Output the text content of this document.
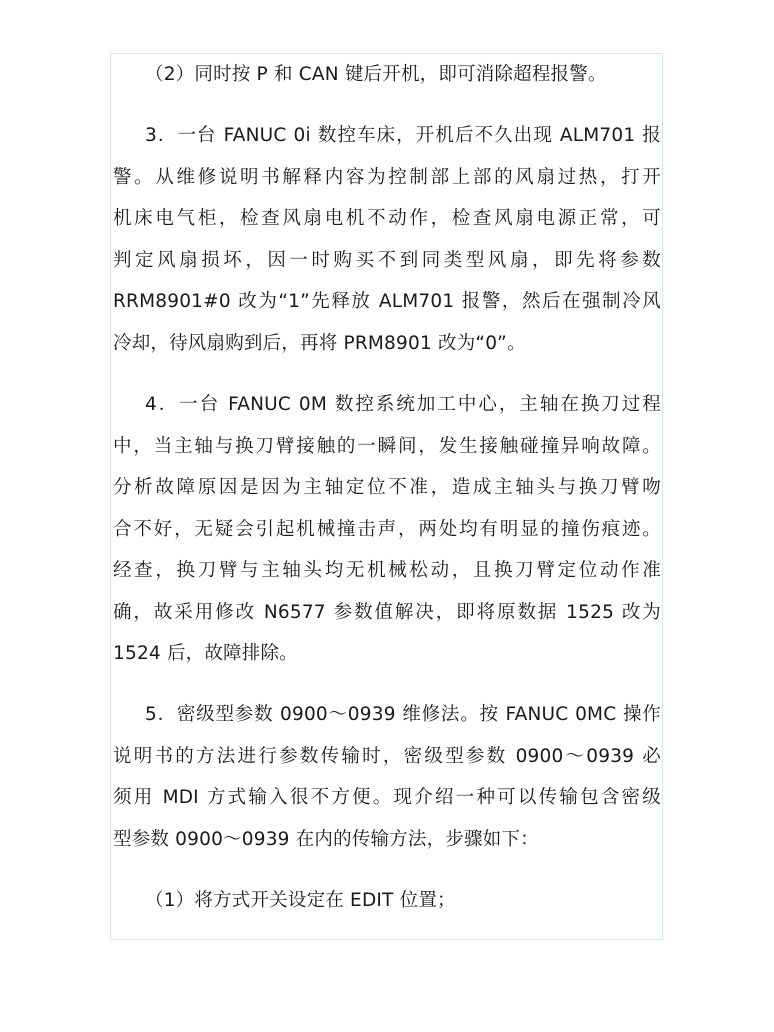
（2）同时按 P 和 CAN 键后开机，即可消除超程报警。
3．一台 FANUC 0i 数控车床，开机后不久出现 ALM701 报
警。从维修说明书解释内容为控制部上部的风扇过热，打开
机床电气柜，检查风扇电机不动作，检查风扇电源正常，可
判定风扇损坏，因一时购买不到同类型风扇，即先将参数
RRM8901#0 改为“1”先释放 ALM701 报警，然后在强制冷风
冷却，待风扇购到后，再将 PRM8901 改为“0”。
4．一台 FANUC 0M 数控系统加工中心，主轴在换刀过程
中，当主轴与换刀臂接触的一瞬间，发生接触碰撞异响故障。
分析故障原因是因为主轴定位不准，造成主轴头与换刀臂吻
合不好，无疑会引起机械撞击声，两处均有明显的撞伤痕迹。
经查，换刀臂与主轴头均无机械松动，且换刀臂定位动作准
确，故采用修改 N6577 参数值解决，即将原数据 1525 改为
1524 后，故障排除。
5．密级型参数 0900～0939 维修法。按 FANUC 0MC 操作
说明书的方法进行参数传输时，密级型参数 0900～0939 必
须用 MDI 方式输入很不方便。现介绍一种可以传输包含密级
型参数 0900～0939 在内的传输方法，步骤如下：
（1）将方式开关设定在 EDIT 位置；
